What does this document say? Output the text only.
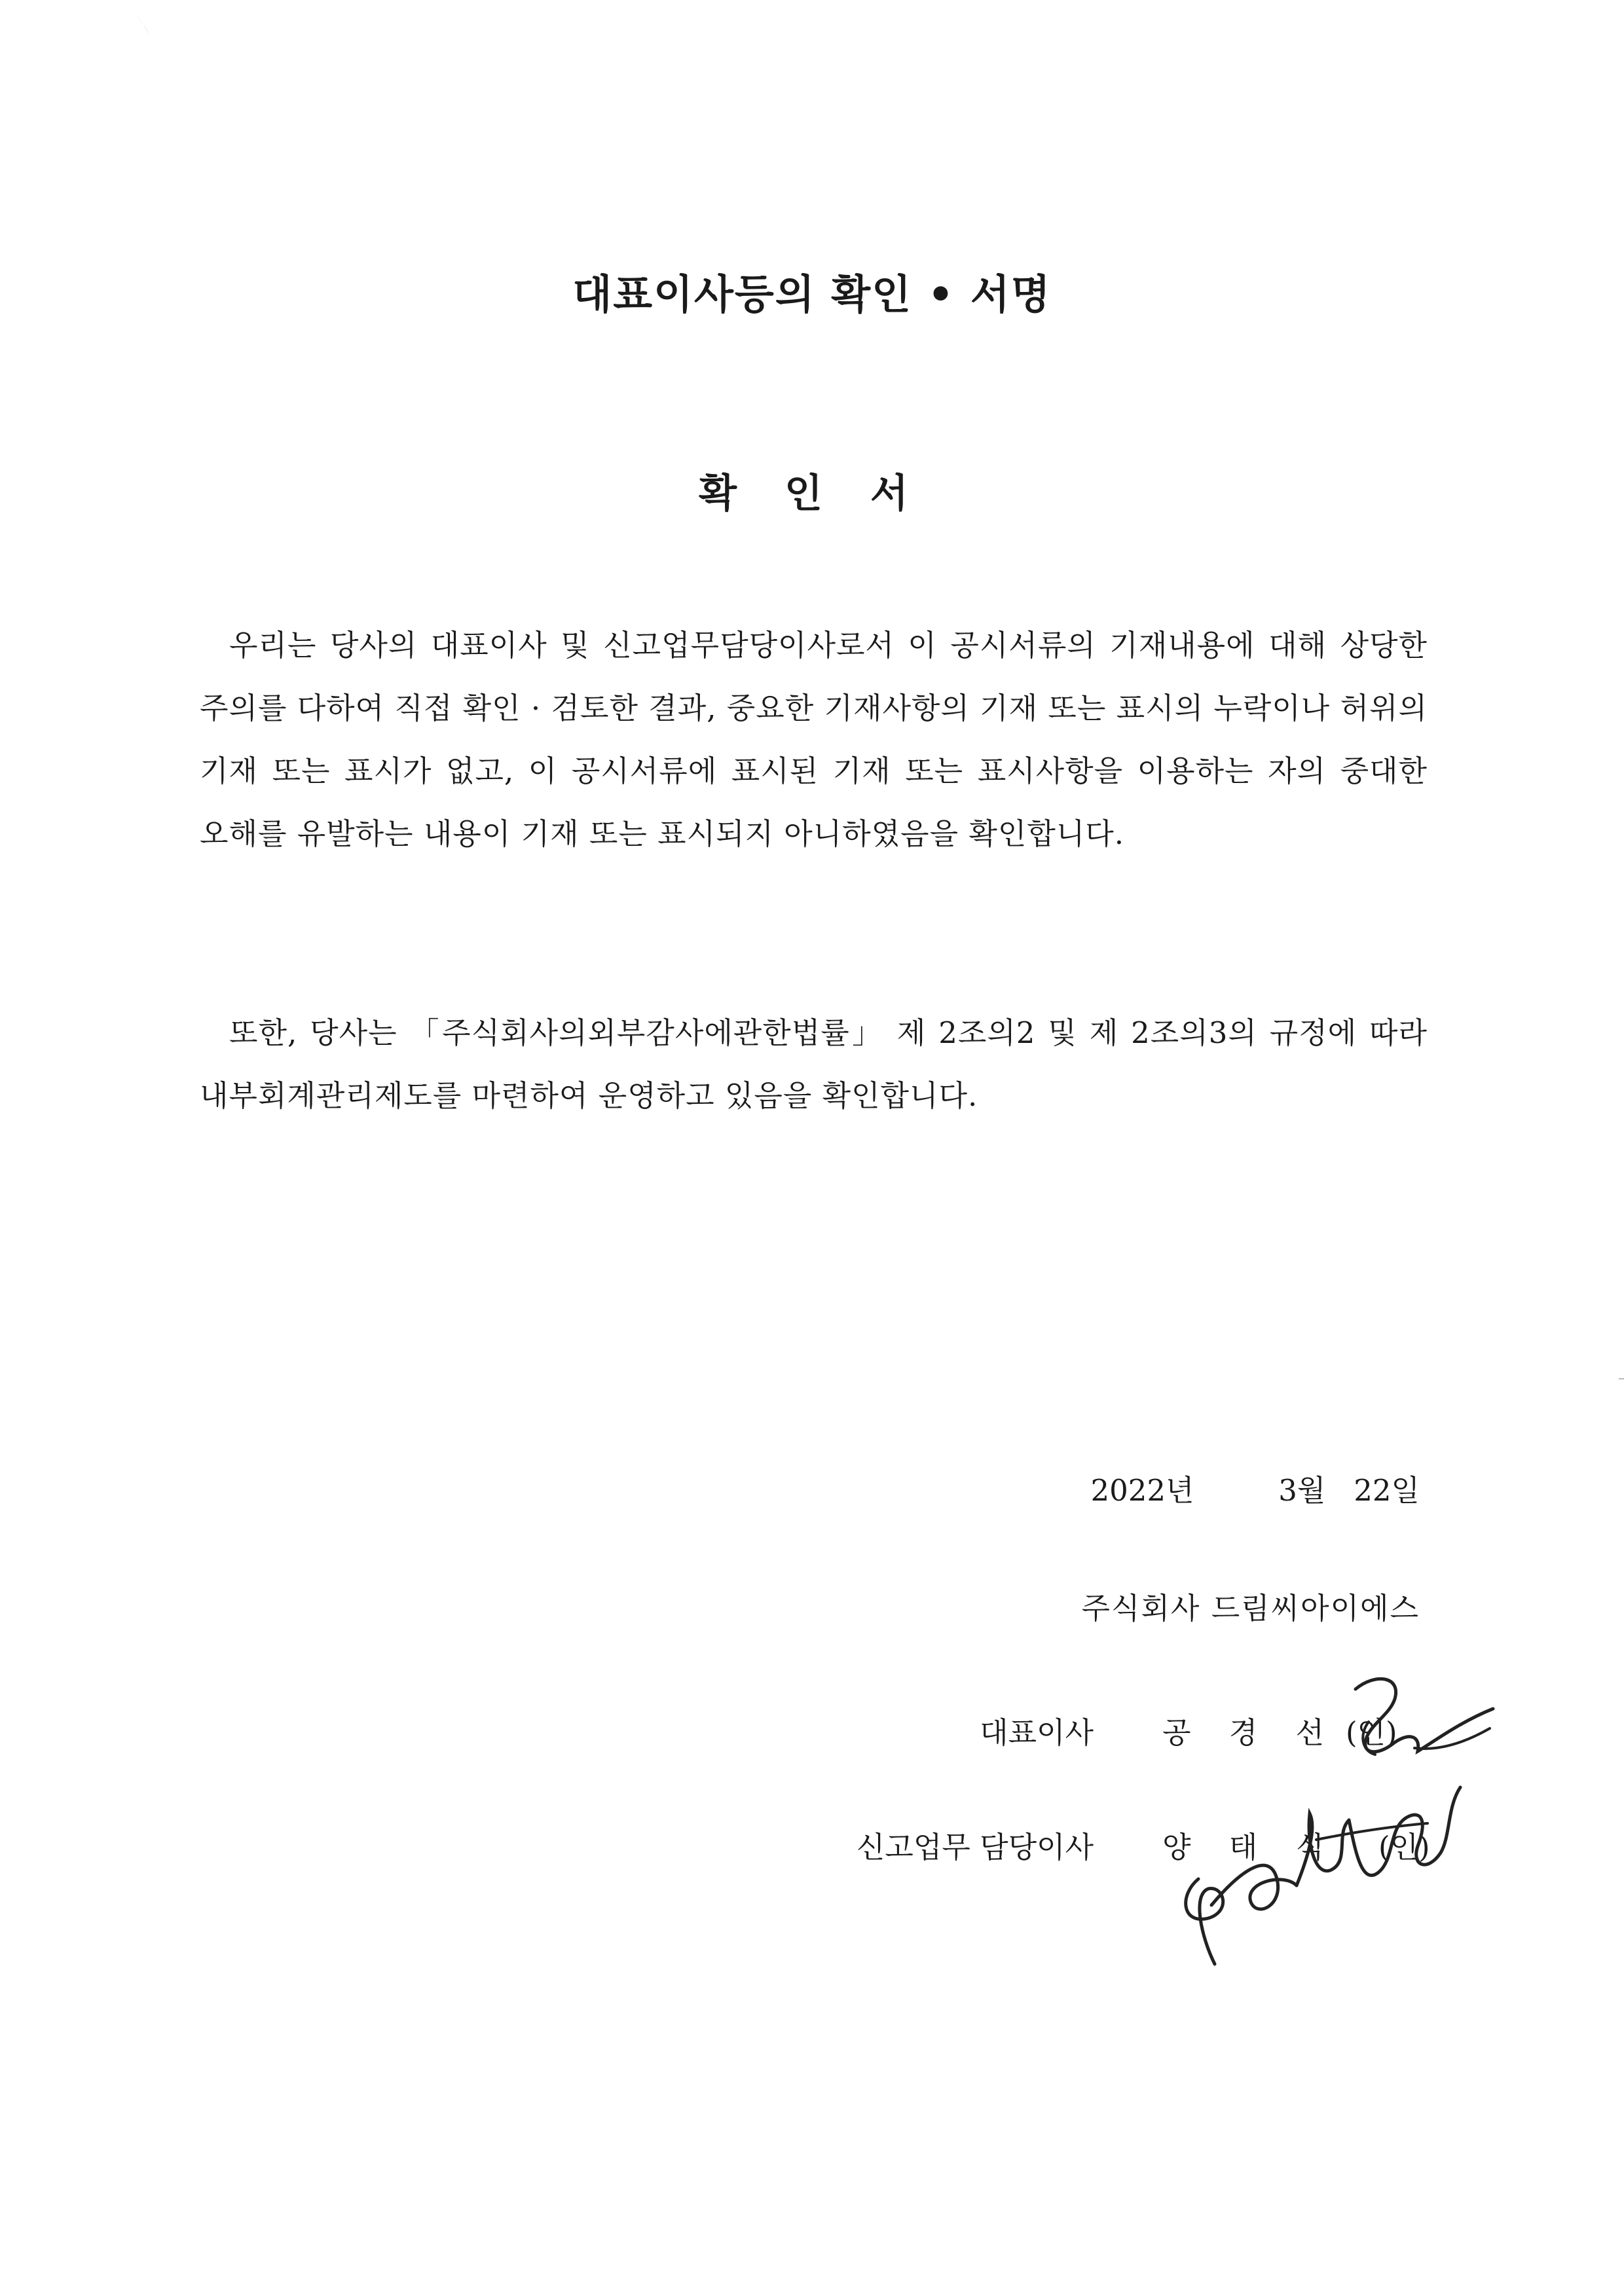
대표이사등의 확인 • 서명
확 인 서
우리는 당사의 대표이사 및 신고업무담당이사로서 이 공시서류의 기재내용에 대해 상당한 주의를 다하여 직접 확인 · 검토한 결과, 중요한 기재사항의 기재 또는 표시의 누락이나 허위의 기재 또는 표시가 없고, 이 공시서류에 표시된 기재 또는 표시사항을 이용하는 자의 중대한 오해를 유발하는 내용이 기재 또는 표시되지 아니하였음을 확인합니다.
또한, 당사는 「주식회사의외부감사에관한법률」 제 2조의2 및 제 2조의3의 규정에 따라 내부회계관리제도를 마련하여 운영하고 있음을 확인합니다.
2022년	3월 22일
주식회사 드림씨아이에스
대표이사 공 경 선 (인)
신고업무 담당이사 양 태 식 (인)
